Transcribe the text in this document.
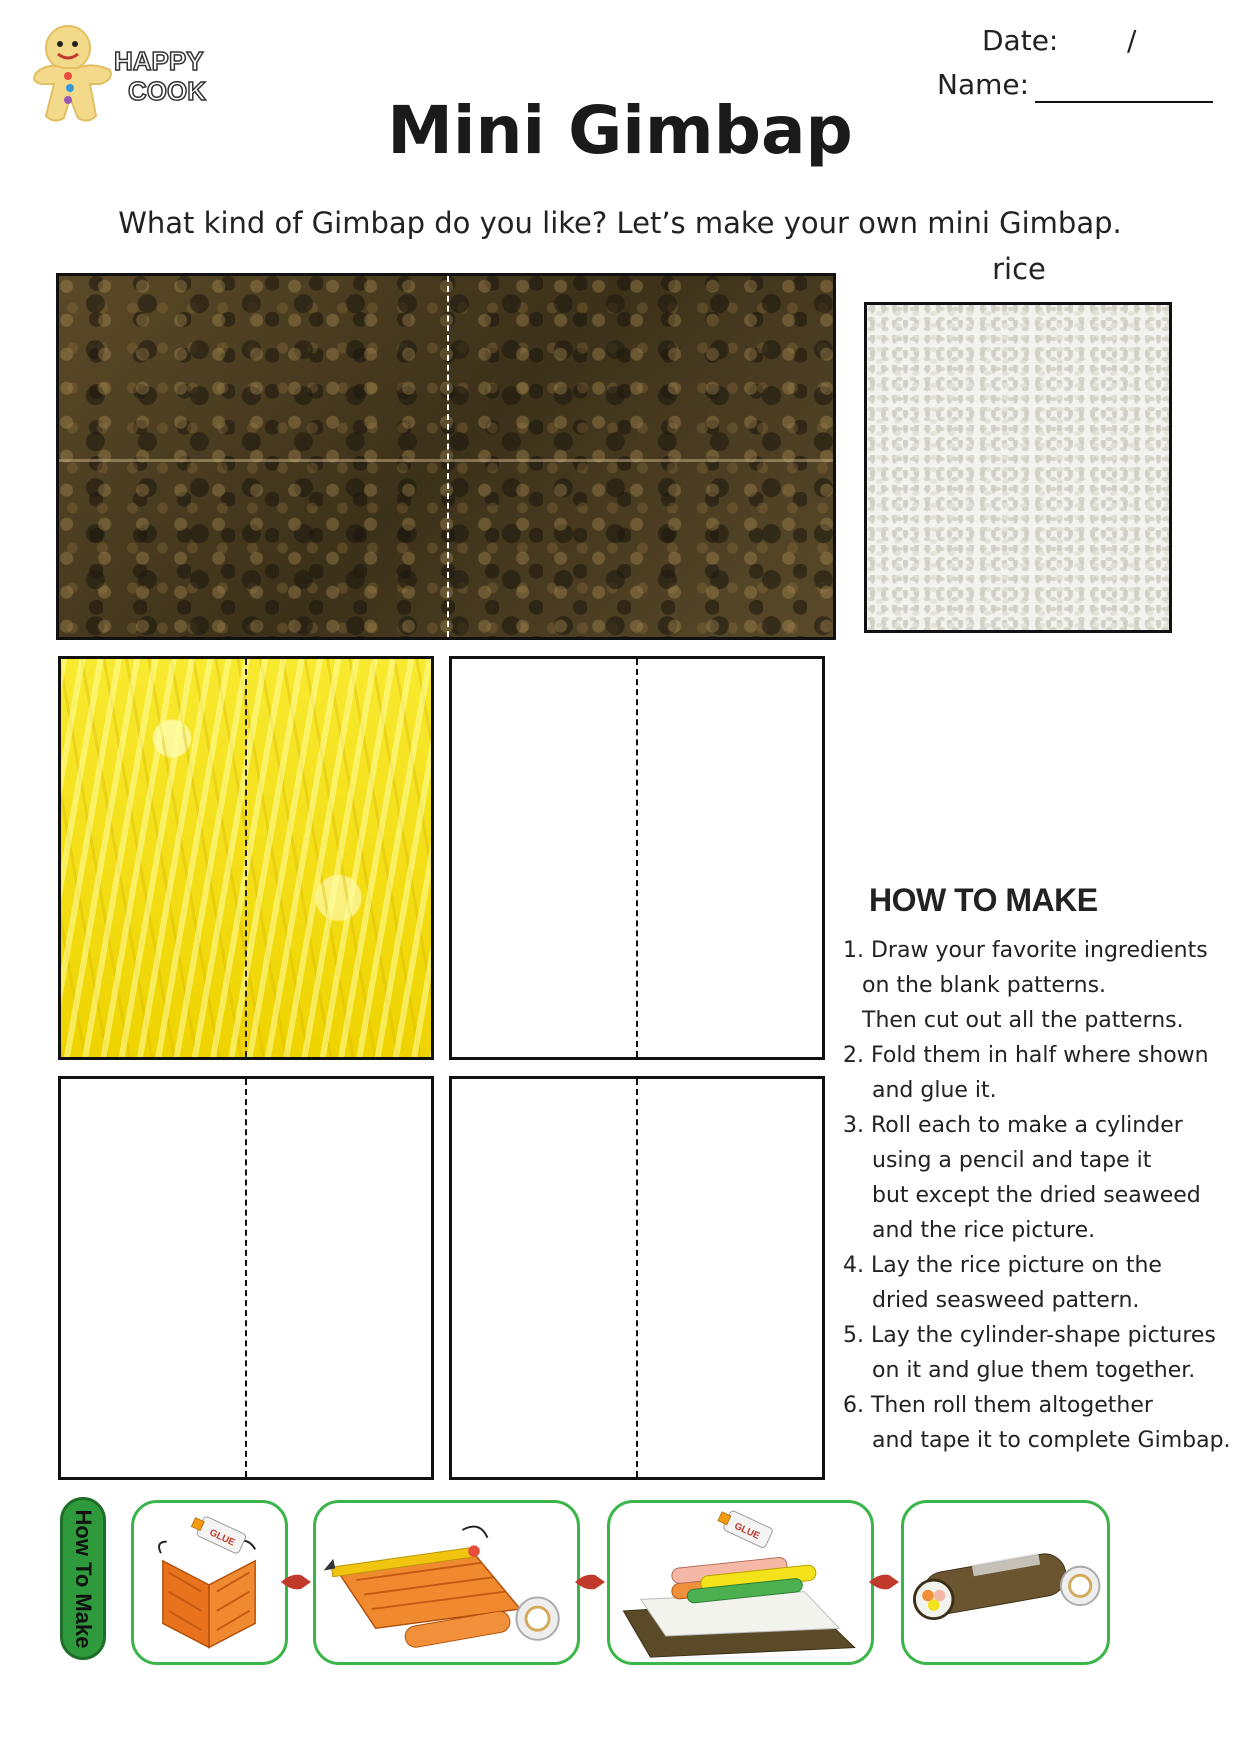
HAPPY
COOK
Date: /
Name:
Mini Gimbap
What kind of Gimbap do you like? Let’s make your own mini Gimbap.
rice
HOW TO MAKE
1. Draw your favorite ingredients
on the blank patterns.
Then cut out all the patterns.
2. Fold them in half where shown
and glue it.
3. Roll each to make a cylinder
using a pencil and tape it
but except the dried seaweed
and the rice picture.
4. Lay the rice picture on the
dried seasweed pattern.
5. Lay the cylinder-shape pictures
on it and glue them together.
6. Then roll them altogether
and tape it to complete Gimbap.
How To Make	GLUE	GLUE
